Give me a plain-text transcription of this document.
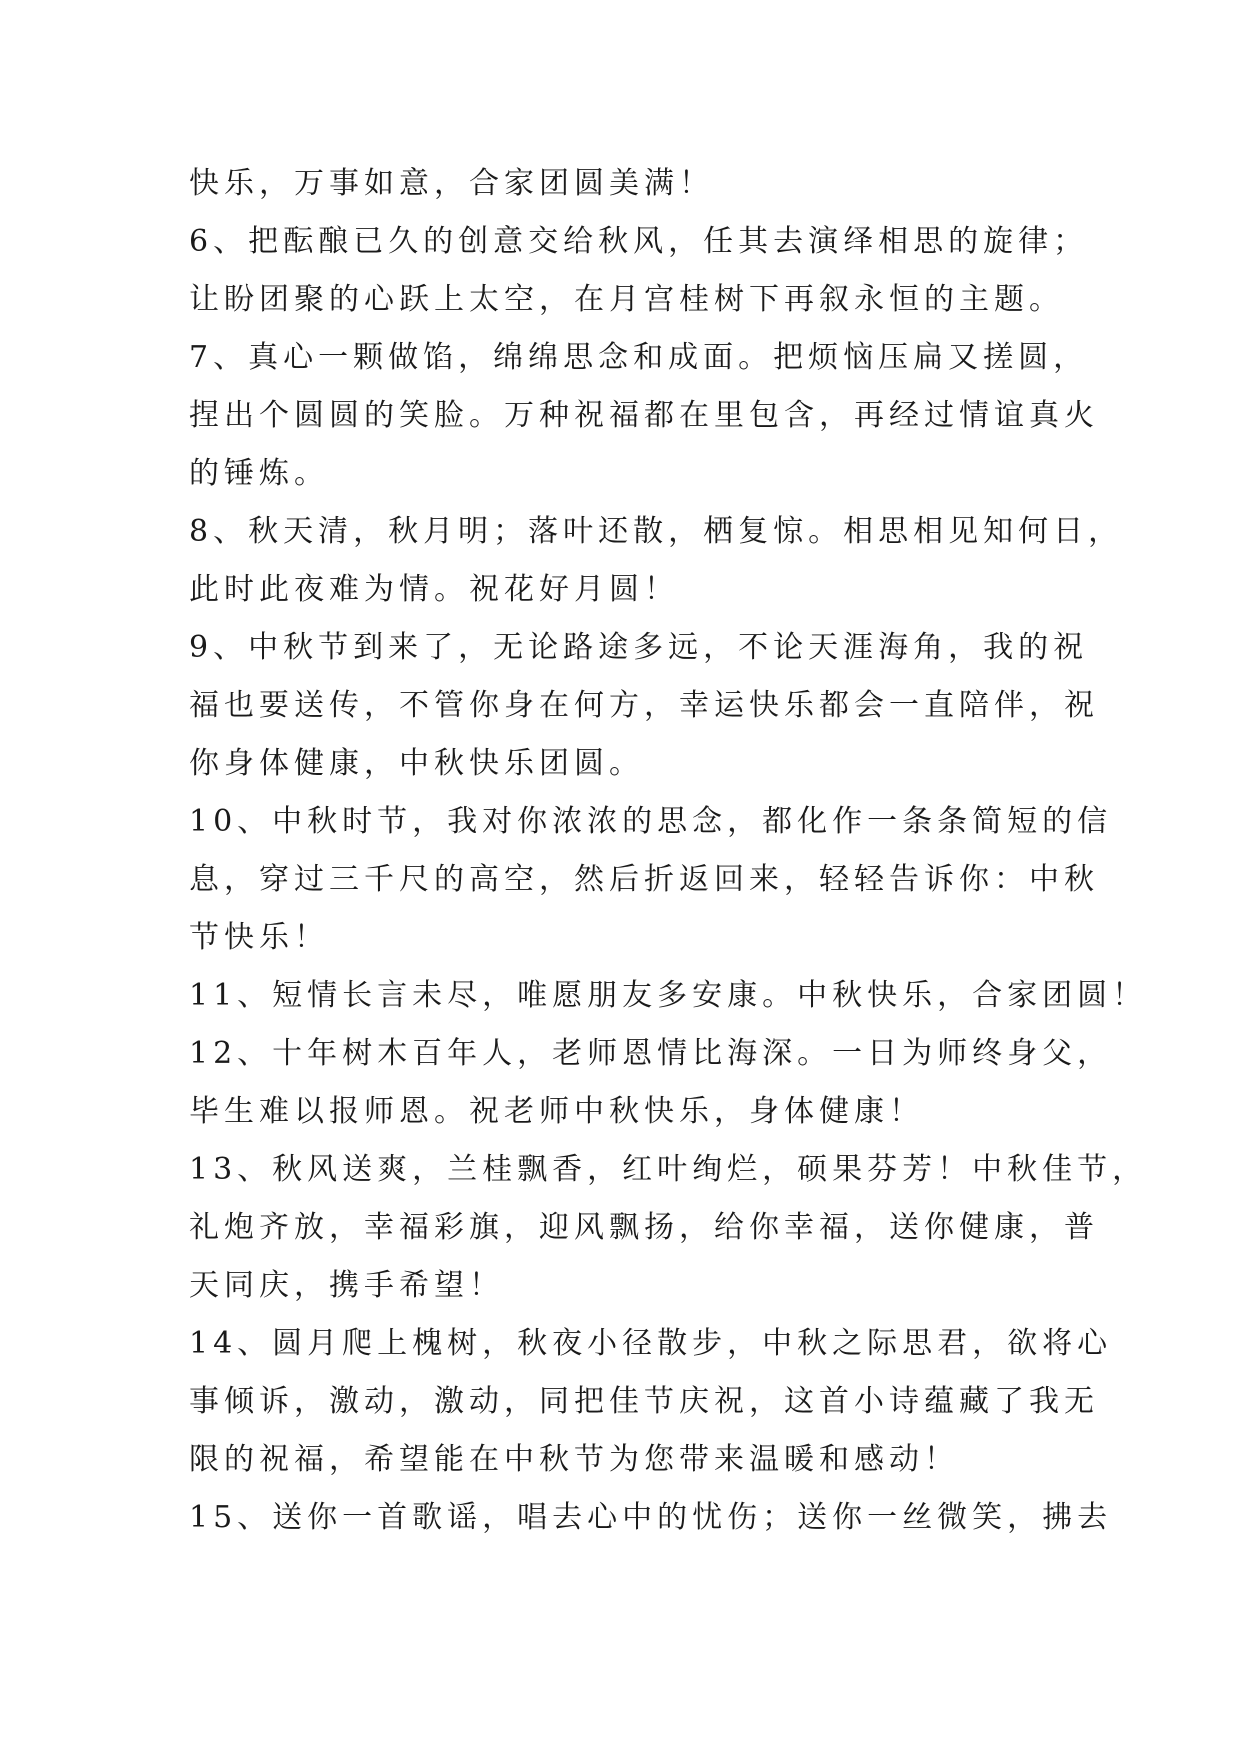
快乐，万事如意，合家团圆美满！
6、把酝酿已久的创意交给秋风，任其去演绎相思的旋律；
让盼团聚的心跃上太空，在月宫桂树下再叙永恒的主题。
7、真心一颗做馅，绵绵思念和成面。把烦恼压扁又搓圆，
捏出个圆圆的笑脸。万种祝福都在里包含，再经过情谊真火
的锤炼。
8、秋天清，秋月明；落叶还散，栖复惊。相思相见知何日，
此时此夜难为情。祝花好月圆！
9、中秋节到来了，无论路途多远，不论天涯海角，我的祝
福也要送传，不管你身在何方，幸运快乐都会一直陪伴，祝
你身体健康，中秋快乐团圆。
10、中秋时节，我对你浓浓的思念，都化作一条条简短的信
息，穿过三千尺的高空，然后折返回来，轻轻告诉你：中秋
节快乐！
11、短情长言未尽，唯愿朋友多安康。中秋快乐，合家团圆！
12、十年树木百年人，老师恩情比海深。一日为师终身父，
毕生难以报师恩。祝老师中秋快乐，身体健康！
13、秋风送爽，兰桂飘香，红叶绚烂，硕果芬芳！中秋佳节，
礼炮齐放，幸福彩旗，迎风飘扬，给你幸福，送你健康，普
天同庆，携手希望！
14、圆月爬上槐树，秋夜小径散步，中秋之际思君，欲将心
事倾诉，激动，激动，同把佳节庆祝，这首小诗蕴藏了我无
限的祝福，希望能在中秋节为您带来温暖和感动！
15、送你一首歌谣，唱去心中的忧伤；送你一丝微笑，拂去
